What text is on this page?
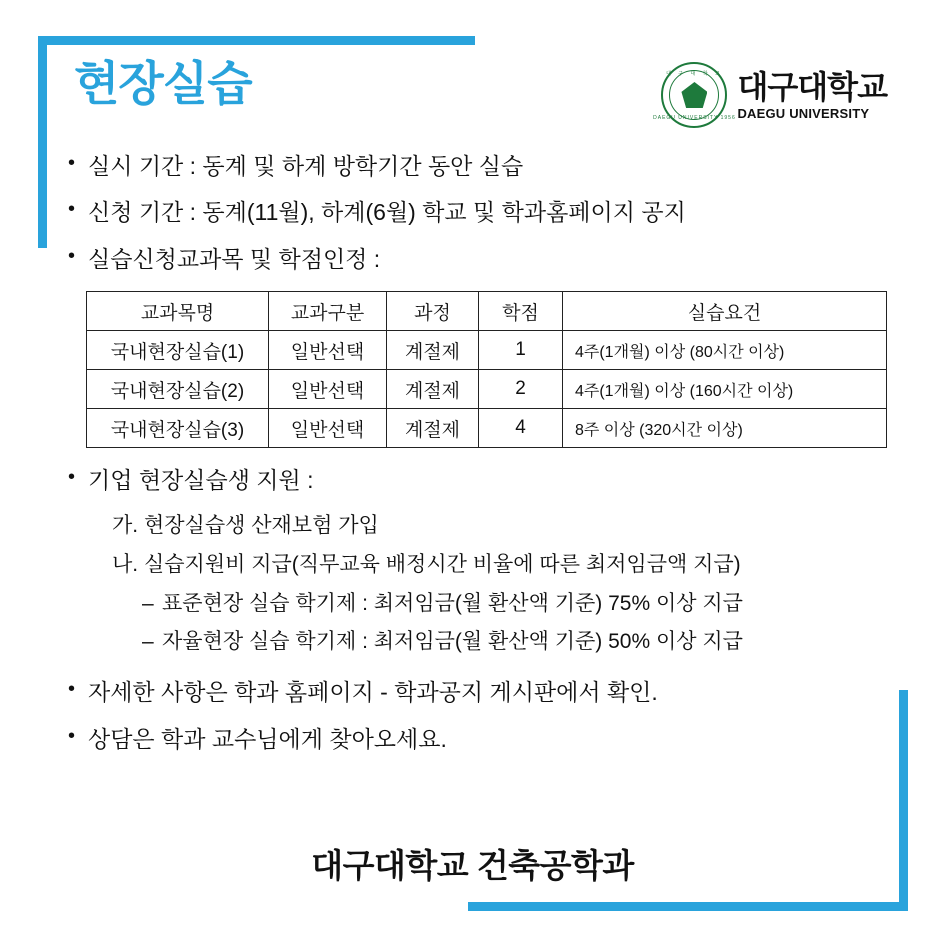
현장실습	대 구 대 학 교
DAEGU UNIVERSITY 1956
대구대학교
DAEGU UNIVERSITY
• 실시 기간 : 동계 및 하계 방학기간 동안 실습
• 신청 기간 : 동계(11월), 하계(6월) 학교 및 학과홈페이지 공지
• 실습신청교과목 및 학점인정 :
교과목명	교과구분	과정	학점	실습요건
국내현장실습(1)	일반선택	계절제	1	4주(1개월) 이상 (80시간 이상)
국내현장실습(2)	일반선택	계절제	2	4주(1개월) 이상 (160시간 이상)
국내현장실습(3)	일반선택	계절제	4	8주 이상 (320시간 이상)
• 기업 현장실습생 지원 :
가. 현장실습생 산재보험 가입
나. 실습지원비 지급(직무교육 배정시간 비율에 따른 최저임금액 지급)
– 표준현장 실습 학기제 : 최저임금(월 환산액 기준) 75% 이상 지급
– 자율현장 실습 학기제 : 최저임금(월 환산액 기준) 50% 이상 지급
• 자세한 사항은 학과 홈페이지 - 학과공지 게시판에서 확인.
• 상담은 학과 교수님에게 찾아오세요.
대구대학교 건축공학과
